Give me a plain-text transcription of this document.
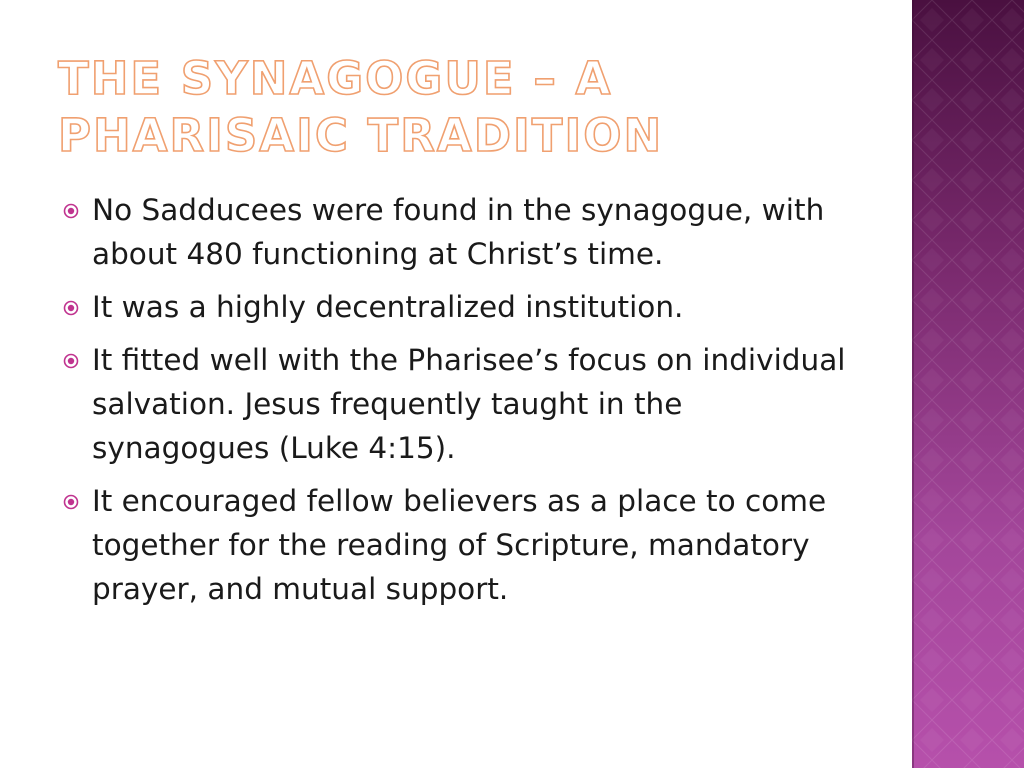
THE SYNAGOGUE – A PHARISAIC TRADITION
No Sadducees were found in the synagogue, with about 480 functioning at Christ’s time.
It was a highly decentralized institution.
It fitted well with the Pharisee’s focus on individual salvation. Jesus frequently taught in the synagogues (Luke 4:15).
It encouraged fellow believers as a place to come together for the reading of Scripture, mandatory prayer, and mutual support.
